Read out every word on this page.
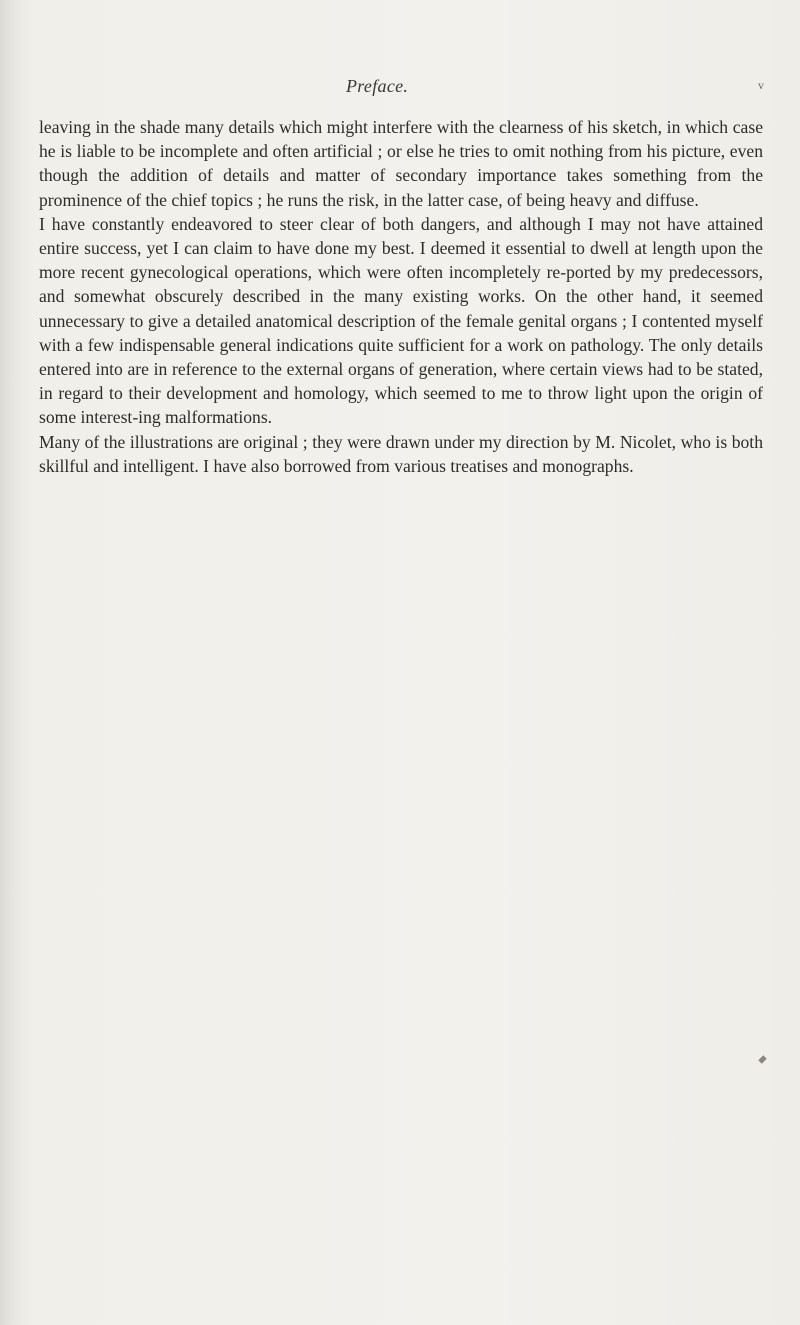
Preface.	v

leaving in the shade many details which might interfere with the clearness of his sketch, in which case he is liable to be incomplete and often artificial ; or else he tries to omit nothing from his picture, even though the addition of details and matter of secondary importance takes something from the prominence of the chief topics ; he runs the risk, in the latter case, of being heavy and diffuse.

I have constantly endeavored to steer clear of both dangers, and although I may not have attained entire success, yet I can claim to have done my best. I deemed it essential to dwell at length upon the more recent gynecological operations, which were often incompletely re-ported by my predecessors, and somewhat obscurely described in the many existing works. On the other hand, it seemed unnecessary to give a detailed anatomical description of the female genital organs ; I contented myself with a few indispensable general indications quite sufficient for a work on pathology. The only details entered into are in reference to the external organs of generation, where certain views had to be stated, in regard to their development and homology, which seemed to me to throw light upon the origin of some interest-ing malformations.

Many of the illustrations are original ; they were drawn under my direction by M. Nicolet, who is both skillful and intelligent. I have also borrowed from various treatises and monographs.
